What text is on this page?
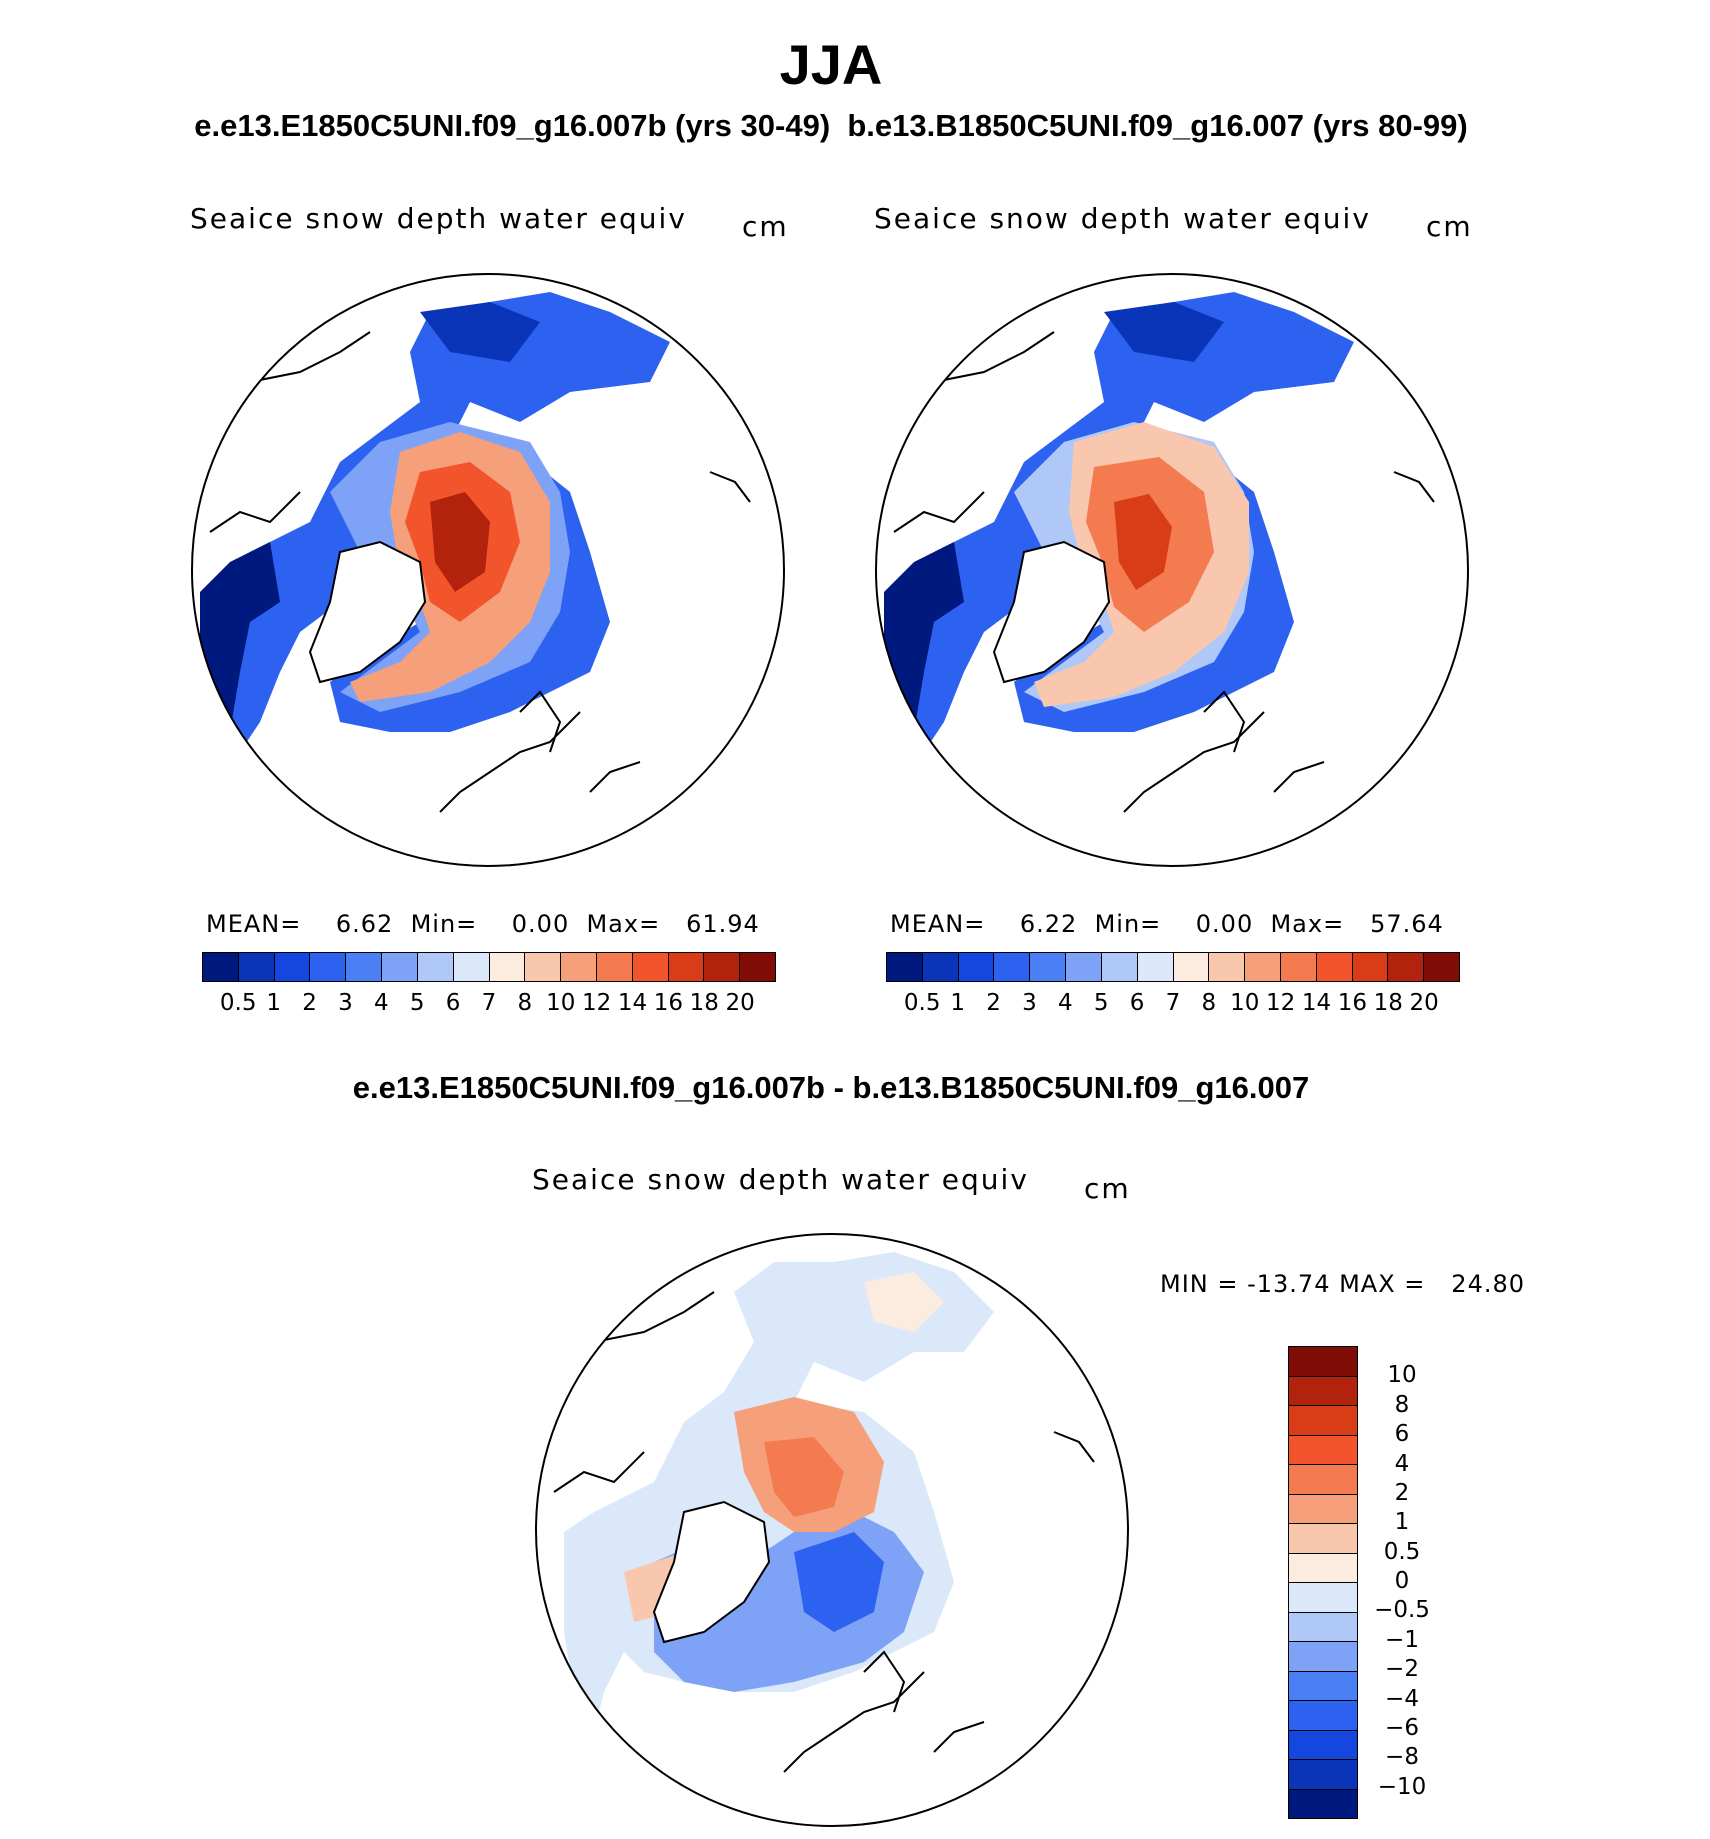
JJA
e.e13.E1850C5UNI.f09_g16.007b (yrs 30-49)  b.e13.B1850C5UNI.f09_g16.007 (yrs 80-99)
Seaice snow depth water equiv cm
MEAN=    6.62  Min=    0.00  Max=   61.94
0.5 1 2 3 4 5 6 7 8 10 12 14 16 18 20
Seaice snow depth water equiv cm
MEAN=    6.22  Min=    0.00  Max=   57.64
0.5 1 2 3 4 5 6 7 8 10 12 14 16 18 20
e.e13.E1850C5UNI.f09_g16.007b - b.e13.B1850C5UNI.f09_g16.007
Seaice snow depth water equiv cm
MIN = -13.74 MAX =   24.80
10
8
6
4
2
1
0.5
0
−0.5
−1
−2
−4
−6
−8
−10
